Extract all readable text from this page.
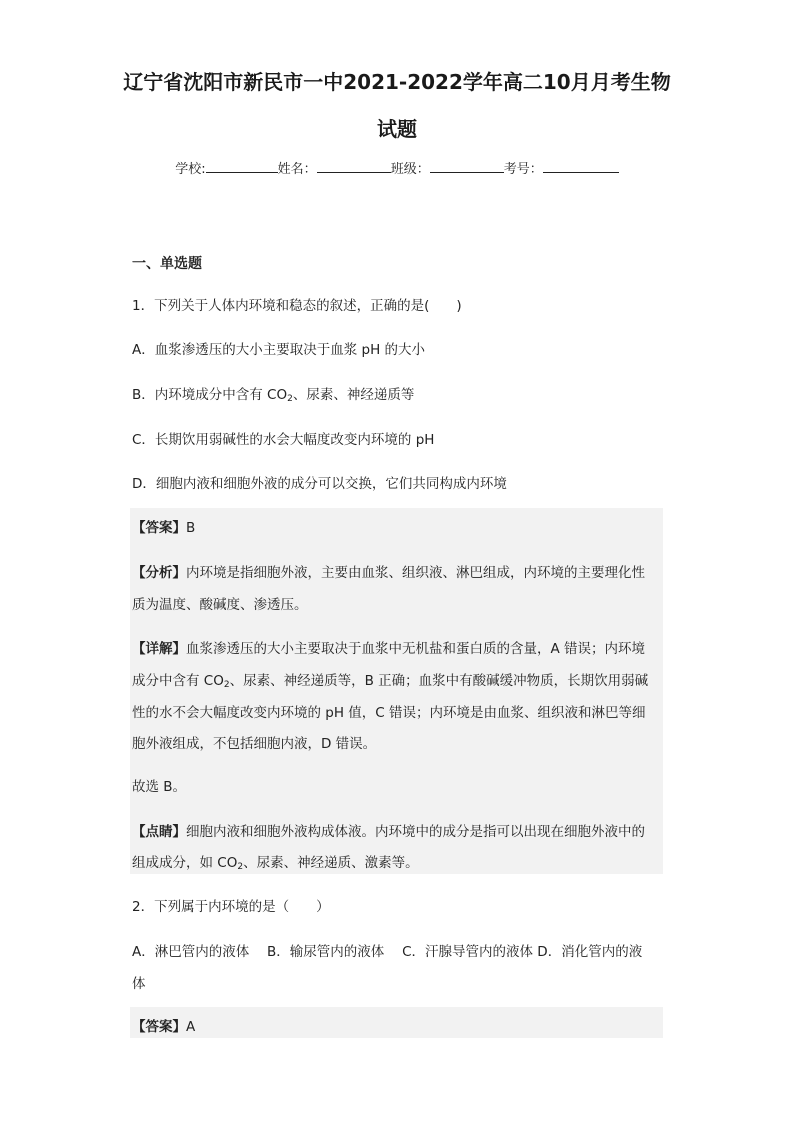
辽宁省沈阳市新民市一中2021-2022学年高二10月月考生物
试题
学校:	姓名：	班级：	考号：
一、单选题
1．下列关于人体内环境和稳态的叙述，正确的是(　　)
A．血浆渗透压的大小主要取决于血浆 pH 的大小
B．内环境成分中含有 $CO_2$、尿素、神经递质等
C．长期饮用弱碱性的水会大幅度改变内环境的 pH
D．细胞内液和细胞外液的成分可以交换，它们共同构成内环境
【答案】B
【分析】内环境是指细胞外液，主要由血浆、组织液、淋巴组成，内环境的主要理化性
质为温度、酸碱度、渗透压。
【详解】血浆渗透压的大小主要取决于血浆中无机盐和蛋白质的含量，A 错误；内环境
成分中含有 $CO_2$、尿素、神经递质等，B 正确；血浆中有酸碱缓冲物质，长期饮用弱碱
性的水不会大幅度改变内环境的 pH 值，C 错误；内环境是由血浆、组织液和淋巴等细
胞外液组成，不包括细胞内液，D 错误。
故选 B。
【点睛】细胞内液和细胞外液构成体液。内环境中的成分是指可以出现在细胞外液中的
组成成分，如 $CO_2$、尿素、神经递质、激素等。
2．下列属于内环境的是（　　）
A．淋巴管内的液体　 B．输尿管内的液体　 C．汗腺导管内的液体 D．消化管内的液
体
【答案】A
